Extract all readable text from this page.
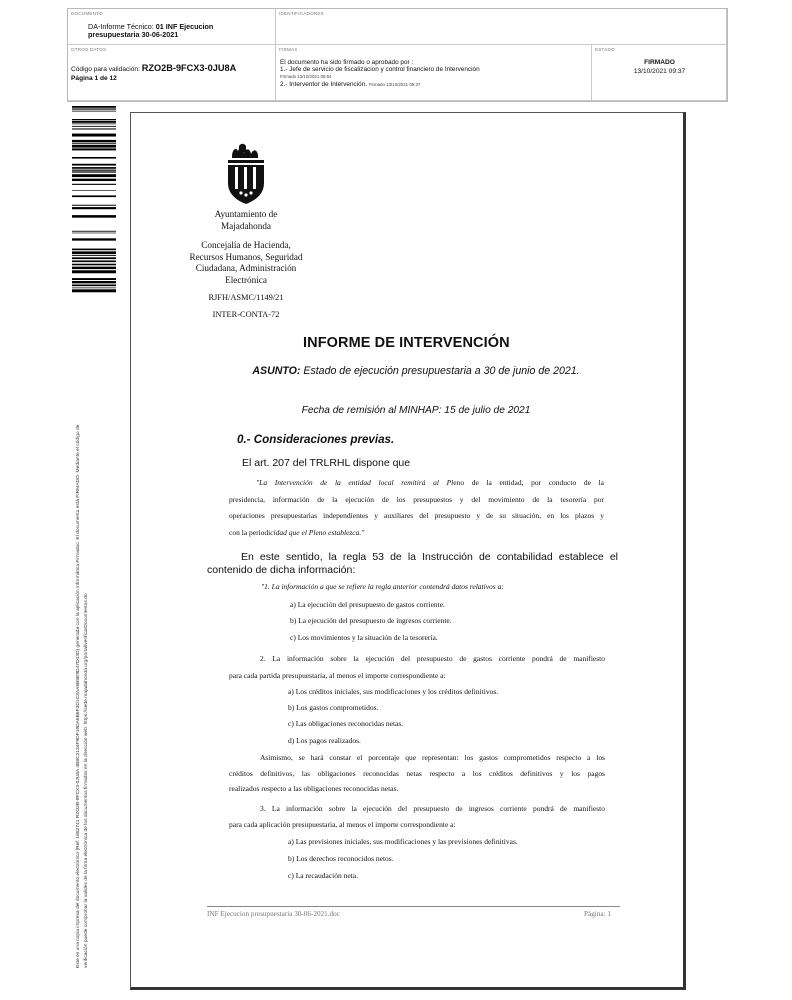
DOCUMENTO
DA-Informe Técnico: 01 INF Ejecucion
presupuestaria 30-06-2021
IDENTIFICADORES
OTROS DATOS
Código para validación: RZO2B-9FCX3-0JU8A
Página 1 de 12
FIRMAS
El documento ha sido firmado o aprobado por :
1.- Jefe de servicio de fiscalizacion y control financiero de Intervención
Firmado 13/10/2021 08:54
2.- Interventor de Intervención. Firmado 13/10/2021 09:37
ESTADO
FIRMADO
13/10/2021 09:37
Este es una copia impresa del documento electrónico (Ref: 1852741 RZO2B-9FCX3-0JU8A 4B8C2134F9DF19DA6B8F3D1C3AA5B5E9D47D03D) generada con la aplicación informática Firmadoc. El documento está FIRMADO. Mediante el código de verificación puede comprobar la validez de la firma electrónica de los documentos firmados en la dirección web: https://sede.majadahonda.org/portal/verificarDocumentos.do
Ayuntamiento de
Majadahonda
Concejalía de Hacienda,
Recursos Humanos, Seguridad
Ciudadana, Administración
Electrónica
RJFH/ASMC/1149/21
INTER-CONTA-72
INFORME DE INTERVENCIÓN
ASUNTO: Estado de ejecución presupuestaria a 30 de junio de 2021.
Fecha de remisión al MINHAP: 15 de julio de 2021
0.- Consideraciones previas.
El art. 207 del TRLRHL dispone que

"La Intervención de la entidad local remitirá al Pleno de la entidad, por conducto de la

presidencia, información de la ejecución de los presupuestos y del movimiento de la tesorería por

operaciones presupuestarias independientes y auxiliares del presupuesto y de su situación, en los plazos y

con la periodicidad que el Pleno establezca."

En este sentido, la regla 53 de la Instrucción de contabilidad establece el contenido de dicha información:

"1. La información a que se refiere la regla anterior contendrá datos relativos a:
a) La ejecución del presupuesto de gastos corriente.
b) La ejecución del presupuesto de ingresos corriente.
c) Los movimientos y la situación de la tesorería.
2. La información sobre la ejecución del presupuesto de gastos corriente pondrá de manifiesto
para cada partida presupuestaria, al menos el importe correspondiente a:
a) Los créditos iniciales, sus modificaciones y los créditos definitivos.
b) Los gastos comprometidos.
c) Las obligaciones reconocidas netas.
d) Los pagos realizados.
Asimismo, se hará constar el porcentaje que representan: los gastos comprometidos respecto a los
créditos definitivos, las obligaciones reconocidas netas respecto a los créditos definitivos y los pagos
realizados respecto a las obligaciones reconocidas netas.
3. La información sobre la ejecución del presupuesto de ingresos corriente pondrá de manifiesto
para cada aplicación presupuestaria, al menos el importe correspondiente a:
a) Las previsiones iniciales, sus modificaciones y las previsiones definitivas.
b) Los derechos reconocidos netos.
c) La recaudación neta.
INF Ejecucion presupuestaria 30-06-2021.doc	Página: 1
